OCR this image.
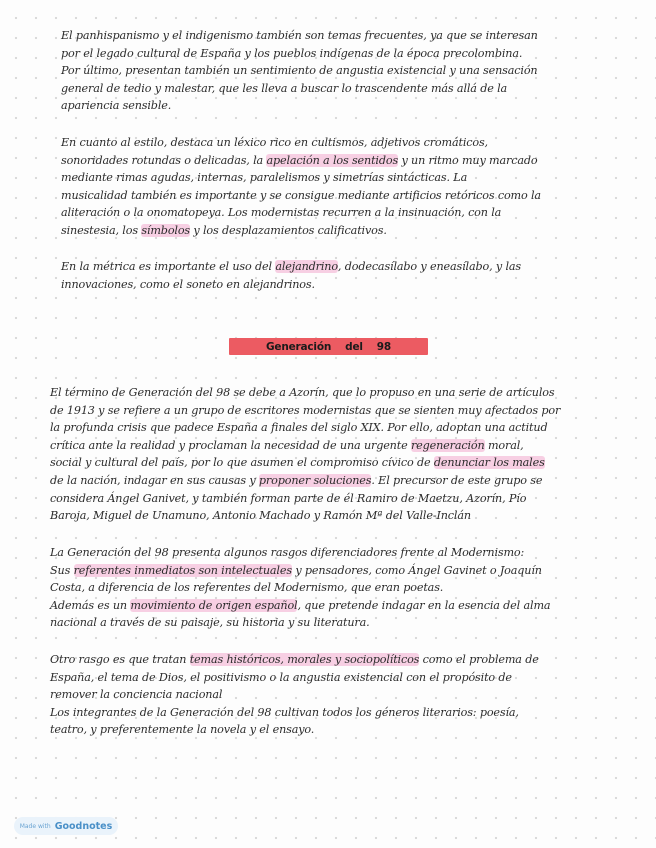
El panhispanismo y el indigenismo también son temas frecuentes, ya que se interesan
por el legado cultural de España y los pueblos indígenas de la época precolombina.
Por último, presentan también un sentimiento de angustia existencial y una sensación
general de tedio y malestar, que les lleva a buscar lo trascendente más allá de la
apariencia sensible.
En cuanto al estilo, destaca un léxico rico en cultismos, adjetivos cromáticos,
sonoridades rotundas o delicadas, la apelación a los sentidos y un ritmo muy marcado
mediante rimas agudas, internas, paralelismos y simetrías sintácticas. La
musicalidad también es importante y se consigue mediante artificios retóricos como la
aliteración o la onomatopeya. Los modernistas recurren a la insinuación, con la
sinestesia, los símbolos y los desplazamientos calificativos.
En la métrica es importante el uso del alejandrino, dodecasílabo y eneasílabo, y las
innovaciones, como el soneto en alejandrinos.
Generación del 98
El término de Generación del 98 se debe a Azorín, que lo propuso en una serie de artículos
de 1913 y se refiere a un grupo de escritores modernistas que se sienten muy afectados por
la profunda crisis que padece España a finales del siglo XIX. Por ello, adoptan una actitud
crítica ante la realidad y proclaman la necesidad de una urgente regeneración moral,
social y cultural del país, por lo que asumen el compromiso cívico de denunciar los males
de la nación, indagar en sus causas y proponer soluciones. El precursor de este grupo se
considera Ángel Ganivet, y también forman parte de él Ramiro de Maetzu, Azorín, Pío
Baroja, Miguel de Unamuno, Antonio Machado y Ramón Mª del Valle-Inclán
La Generación del 98 presenta algunos rasgos diferenciadores frente al Modernismo:
Sus referentes inmediatos son intelectuales y pensadores, como Ángel Gavinet o Joaquín
Costa, a diferencia de los referentes del Modernismo, que eran poetas.
Además es un movimiento de origen español, que pretende indagar en la esencia del alma
nacional a través de su paisaje, su historia y su literatura.
Otro rasgo es que tratan temas históricos, morales y sociopolíticos como el problema de
España, el tema de Dios, el positivismo o la angustia existencial con el propósito de
remover la conciencia nacional
Los integrantes de la Generación del 98 cultivan todos los géneros literarios: poesía,
teatro, y preferentemente la novela y el ensayo.
Made with Goodnotes
